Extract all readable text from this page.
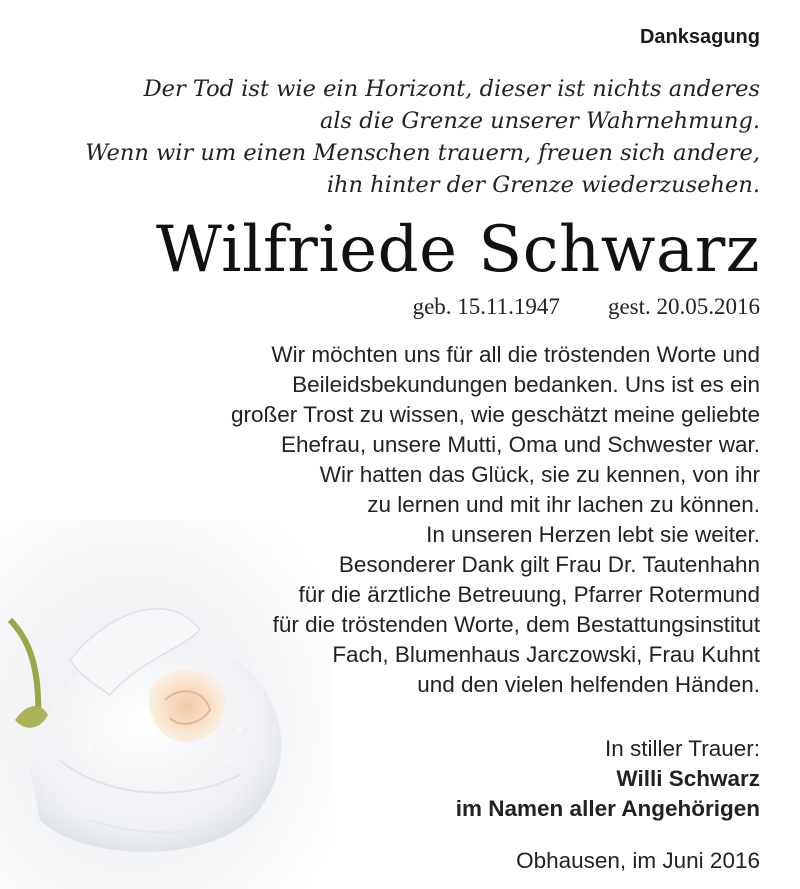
Danksagung
Der Tod ist wie ein Horizont, dieser ist nichts anderes
als die Grenze unserer Wahrnehmung.
Wenn wir um einen Menschen trauern, freuen sich andere,
ihn hinter der Grenze wiederzusehen.
Wilfriede Schwarz
geb. 15.11.1947 gest. 20.05.2016
Wir möchten uns für all die tröstenden Worte und
Beileidsbekundungen bedanken. Uns ist es ein
großer Trost zu wissen, wie geschätzt meine geliebte
Ehefrau, unsere Mutti, Oma und Schwester war.
Wir hatten das Glück, sie zu kennen, von ihr
zu lernen und mit ihr lachen zu können.
In unseren Herzen lebt sie weiter.
Besonderer Dank gilt Frau Dr. Tautenhahn
für die ärztliche Betreuung, Pfarrer Rotermund
für die tröstenden Worte, dem Bestattungsinstitut
Fach, Blumenhaus Jarczowski, Frau Kuhnt
und den vielen helfenden Händen.
In stiller Trauer:
Willi Schwarz
im Namen aller Angehörigen
Obhausen, im Juni 2016
